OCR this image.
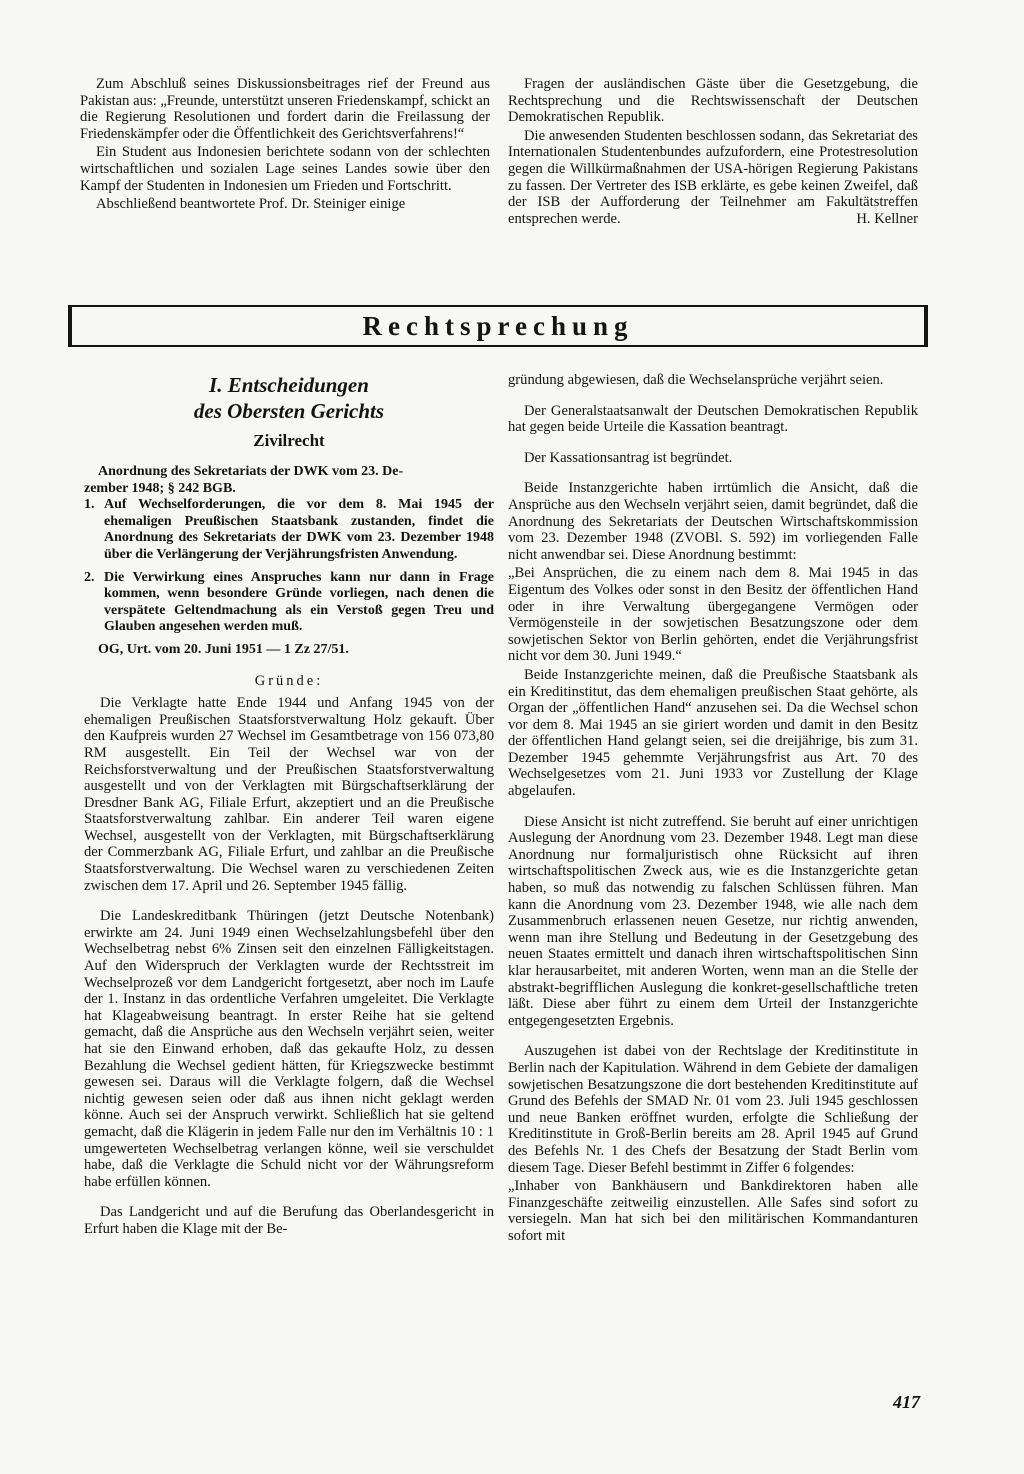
Zum Abschluß seines Diskussionsbeitrages rief der Freund aus Pakistan aus: „Freunde, unterstützt unseren Friedenskampf, schickt an die Regierung Resolutionen und fordert darin die Freilassung der Friedenskämpfer oder die Öffentlichkeit des Gerichtsverfahrens!“

Ein Student aus Indonesien berichtete sodann von der schlechten wirtschaftlichen und sozialen Lage seines Landes sowie über den Kampf der Studenten in Indonesien um Frieden und Fortschritt.

Abschließend beantwortete Prof. Dr. Steiniger einige

Fragen der ausländischen Gäste über die Gesetzgebung, die Rechtsprechung und die Rechtswissenschaft der Deutschen Demokratischen Republik.

Die anwesenden Studenten beschlossen sodann, das Sekretariat des Internationalen Studentenbundes aufzufordern, eine Protestresolution gegen die Willkürmaßnahmen der USA-hörigen Regierung Pakistans zu fassen. Der Vertreter des ISB erklärte, es gebe keinen Zweifel, daß der ISB der Aufforderung der Teilnehmer am Fakultätstreffen entsprechen werde.	H. Kellner

Rechtsprechung
I. Entscheidungen
des Obersten Gerichts
Zivilrecht

Anordnung des Sekretariats der DWK vom 23. De-
zember 1948; § 242 BGB.

1. Auf Wechselforderungen, die vor dem 8. Mai 1945 der ehemaligen Preußischen Staatsbank zustanden, findet die Anordnung des Sekretariats der DWK vom 23. Dezember 1948 über die Verlängerung der Verjährungsfristen Anwendung.
2. Die Verwirkung eines Anspruches kann nur dann in Frage kommen, wenn besondere Gründe vorliegen, nach denen die verspätete Geltendmachung als ein Verstoß gegen Treu und Glauben angesehen werden muß.
OG, Urt. vom 20. Juni 1951 — 1 Zz 27/51.
Gründe:

Die Verklagte hatte Ende 1944 und Anfang 1945 von der ehemaligen Preußischen Staatsforstverwaltung Holz gekauft. Über den Kaufpreis wurden 27 Wechsel im Gesamtbetrage von 156 073,80 RM ausgestellt. Ein Teil der Wechsel war von der Reichsforstverwaltung und der Preußischen Staatsforstverwaltung ausgestellt und von der Verklagten mit Bürgschaftserklärung der Dresdner Bank AG, Filiale Erfurt, akzeptiert und an die Preußische Staatsforstverwaltung zahlbar. Ein anderer Teil waren eigene Wechsel, ausgestellt von der Verklagten, mit Bürgschaftserklärung der Commerzbank AG, Filiale Erfurt, und zahlbar an die Preußische Staatsforstverwaltung. Die Wechsel waren zu verschiedenen Zeiten zwischen dem 17. April und 26. September 1945 fällig.

Die Landeskreditbank Thüringen (jetzt Deutsche Notenbank) erwirkte am 24. Juni 1949 einen Wechselzahlungsbefehl über den Wechselbetrag nebst 6% Zinsen seit den einzelnen Fälligkeitstagen. Auf den Widerspruch der Verklagten wurde der Rechtsstreit im Wechselprozeß vor dem Landgericht fortgesetzt, aber noch im Laufe der 1. Instanz in das ordentliche Verfahren umgeleitet. Die Verklagte hat Klageabweisung beantragt. In erster Reihe hat sie geltend gemacht, daß die Ansprüche aus den Wechseln verjährt seien, weiter hat sie den Einwand erhoben, daß das gekaufte Holz, zu dessen Bezahlung die Wechsel gedient hätten, für Kriegszwecke bestimmt gewesen sei. Daraus will die Verklagte folgern, daß die Wechsel nichtig gewesen seien oder daß aus ihnen nicht geklagt werden könne. Auch sei der Anspruch verwirkt. Schließlich hat sie geltend gemacht, daß die Klägerin in jedem Falle nur den im Verhältnis 10 : 1 umgewerteten Wechselbetrag verlangen könne, weil sie verschuldet habe, daß die Verklagte die Schuld nicht vor der Währungsreform habe erfüllen können.

Das Landgericht und auf die Berufung das Oberlandesgericht in Erfurt haben die Klage mit der Be-

gründung abgewiesen, daß die Wechselansprüche verjährt seien.

Der Generalstaatsanwalt der Deutschen Demokratischen Republik hat gegen beide Urteile die Kassation beantragt.

Der Kassationsantrag ist begründet.

Beide Instanzgerichte haben irrtümlich die Ansicht, daß die Ansprüche aus den Wechseln verjährt seien, damit begründet, daß die Anordnung des Sekretariats der Deutschen Wirtschaftskommission vom 23. Dezember 1948 (ZVOBl. S. 592) im vorliegenden Falle nicht anwendbar sei. Diese Anordnung bestimmt:

„Bei Ansprüchen, die zu einem nach dem 8. Mai 1945 in das Eigentum des Volkes oder sonst in den Besitz der öffentlichen Hand oder in ihre Verwaltung übergegangene Vermögen oder Vermögensteile in der sowjetischen Besatzungszone oder dem sowjetischen Sektor von Berlin gehörten, endet die Verjährungsfrist nicht vor dem 30. Juni 1949.“

Beide Instanzgerichte meinen, daß die Preußische Staatsbank als ein Kreditinstitut, das dem ehemaligen preußischen Staat gehörte, als Organ der „öffentlichen Hand“ anzusehen sei. Da die Wechsel schon vor dem 8. Mai 1945 an sie giriert worden und damit in den Besitz der öffentlichen Hand gelangt seien, sei die dreijährige, bis zum 31. Dezember 1945 gehemmte Verjährungsfrist aus Art. 70 des Wechselgesetzes vom 21. Juni 1933 vor Zustellung der Klage abgelaufen.

Diese Ansicht ist nicht zutreffend. Sie beruht auf einer unrichtigen Auslegung der Anordnung vom 23. Dezember 1948. Legt man diese Anordnung nur formaljuristisch ohne Rücksicht auf ihren wirtschaftspolitischen Zweck aus, wie es die Instanzgerichte getan haben, so muß das notwendig zu falschen Schlüssen führen. Man kann die Anordnung vom 23. Dezember 1948, wie alle nach dem Zusammenbruch erlassenen neuen Gesetze, nur richtig anwenden, wenn man ihre Stellung und Bedeutung in der Gesetzgebung des neuen Staates ermittelt und danach ihren wirtschaftspolitischen Sinn klar herausarbeitet, mit anderen Worten, wenn man an die Stelle der abstrakt-begrifflichen Auslegung die konkret-gesellschaftliche treten läßt. Diese aber führt zu einem dem Urteil der Instanzgerichte entgegengesetzten Ergebnis.

Auszugehen ist dabei von der Rechtslage der Kreditinstitute in Berlin nach der Kapitulation. Während in dem Gebiete der damaligen sowjetischen Besatzungszone die dort bestehenden Kreditinstitute auf Grund des Befehls der SMAD Nr. 01 vom 23. Juli 1945 geschlossen und neue Banken eröffnet wurden, erfolgte die Schließung der Kreditinstitute in Groß-Berlin bereits am 28. April 1945 auf Grund des Befehls Nr. 1 des Chefs der Besatzung der Stadt Berlin vom diesem Tage. Dieser Befehl bestimmt in Ziffer 6 folgendes:

„Inhaber von Bankhäusern und Bankdirektoren haben alle Finanzgeschäfte zeitweilig einzustellen. Alle Safes sind sofort zu versiegeln. Man hat sich bei den militärischen Kommandanturen sofort mit

417
